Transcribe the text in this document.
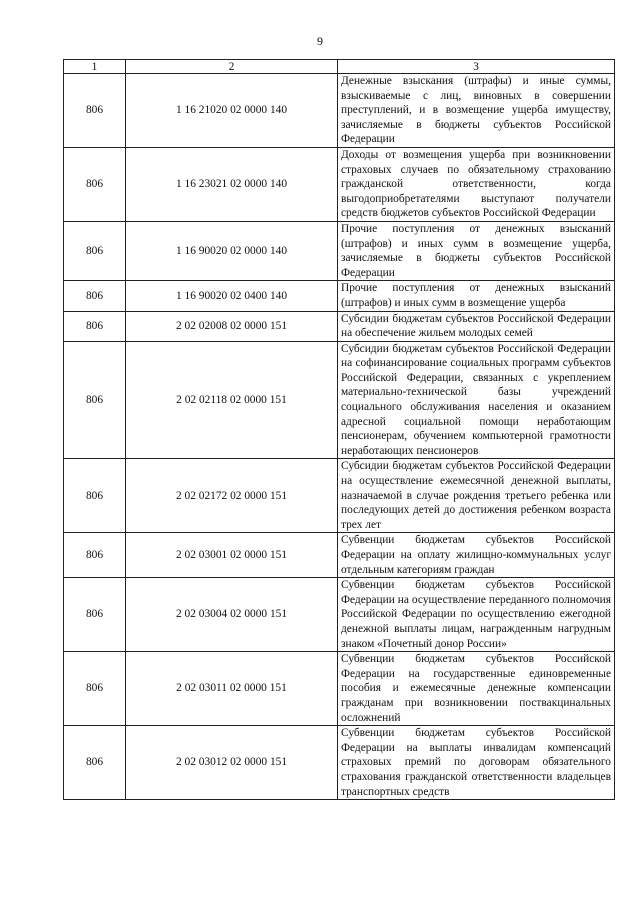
9
1	2	3
806	1 16 21020 02 0000 140	Денежные взыскания (штрафы) и иные суммы, взыскиваемые с лиц, виновных в совершении преступлений, и в возмещение ущерба имуществу, зачисляемые в бюджеты субъектов Российской Федерации
806	1 16 23021 02 0000 140	Доходы от возмещения ущерба при возникновении страховых случаев по обязательному страхованию гражданской ответственности, когда выгодоприобретателями выступают получатели средств бюджетов субъектов Российской Федерации
806	1 16 90020 02 0000 140	Прочие поступления от денежных взысканий (штрафов) и иных сумм в возмещение ущерба, зачисляемые в бюджеты субъектов Российской Федерации
806	1 16 90020 02 0400 140	Прочие поступления от денежных взысканий (штрафов) и иных сумм в возмещение ущерба
806	2 02 02008 02 0000 151	Субсидии бюджетам субъектов Российской Федерации на обеспечение жильем молодых семей
806	2 02 02118 02 0000 151	Субсидии бюджетам субъектов Российской Федерации на софинансирование социальных программ субъектов Российской Федерации, связанных с укреплением материально-технической базы учреждений социального обслуживания населения и оказанием адресной социальной помощи неработающим пенсионерам, обучением компьютерной грамотности неработающих пенсионеров
806	2 02 02172 02 0000 151	Субсидии бюджетам субъектов Российской Федерации на осуществление ежемесячной денежной выплаты, назначаемой в случае рождения третьего ребенка или последующих детей до достижения ребенком возраста трех лет
806	2 02 03001 02 0000 151	Субвенции бюджетам субъектов Российской Федерации на оплату жилищно-коммунальных услуг отдельным категориям граждан
806	2 02 03004 02 0000 151	Субвенции бюджетам субъектов Российской Федерации на осуществление переданного полномочия Российской Федерации по осуществлению ежегодной денежной выплаты лицам, награжденным нагрудным знаком «Почетный донор России»
806	2 02 03011 02 0000 151	Субвенции бюджетам субъектов Российской Федерации на государственные единовременные пособия и ежемесячные денежные компенсации гражданам при возникновении поствакцинальных осложнений
806	2 02 03012 02 0000 151	Субвенции бюджетам субъектов Российской Федерации на выплаты инвалидам компенсаций страховых премий по договорам обязательного страхования гражданской ответственности владельцев транспортных средств
